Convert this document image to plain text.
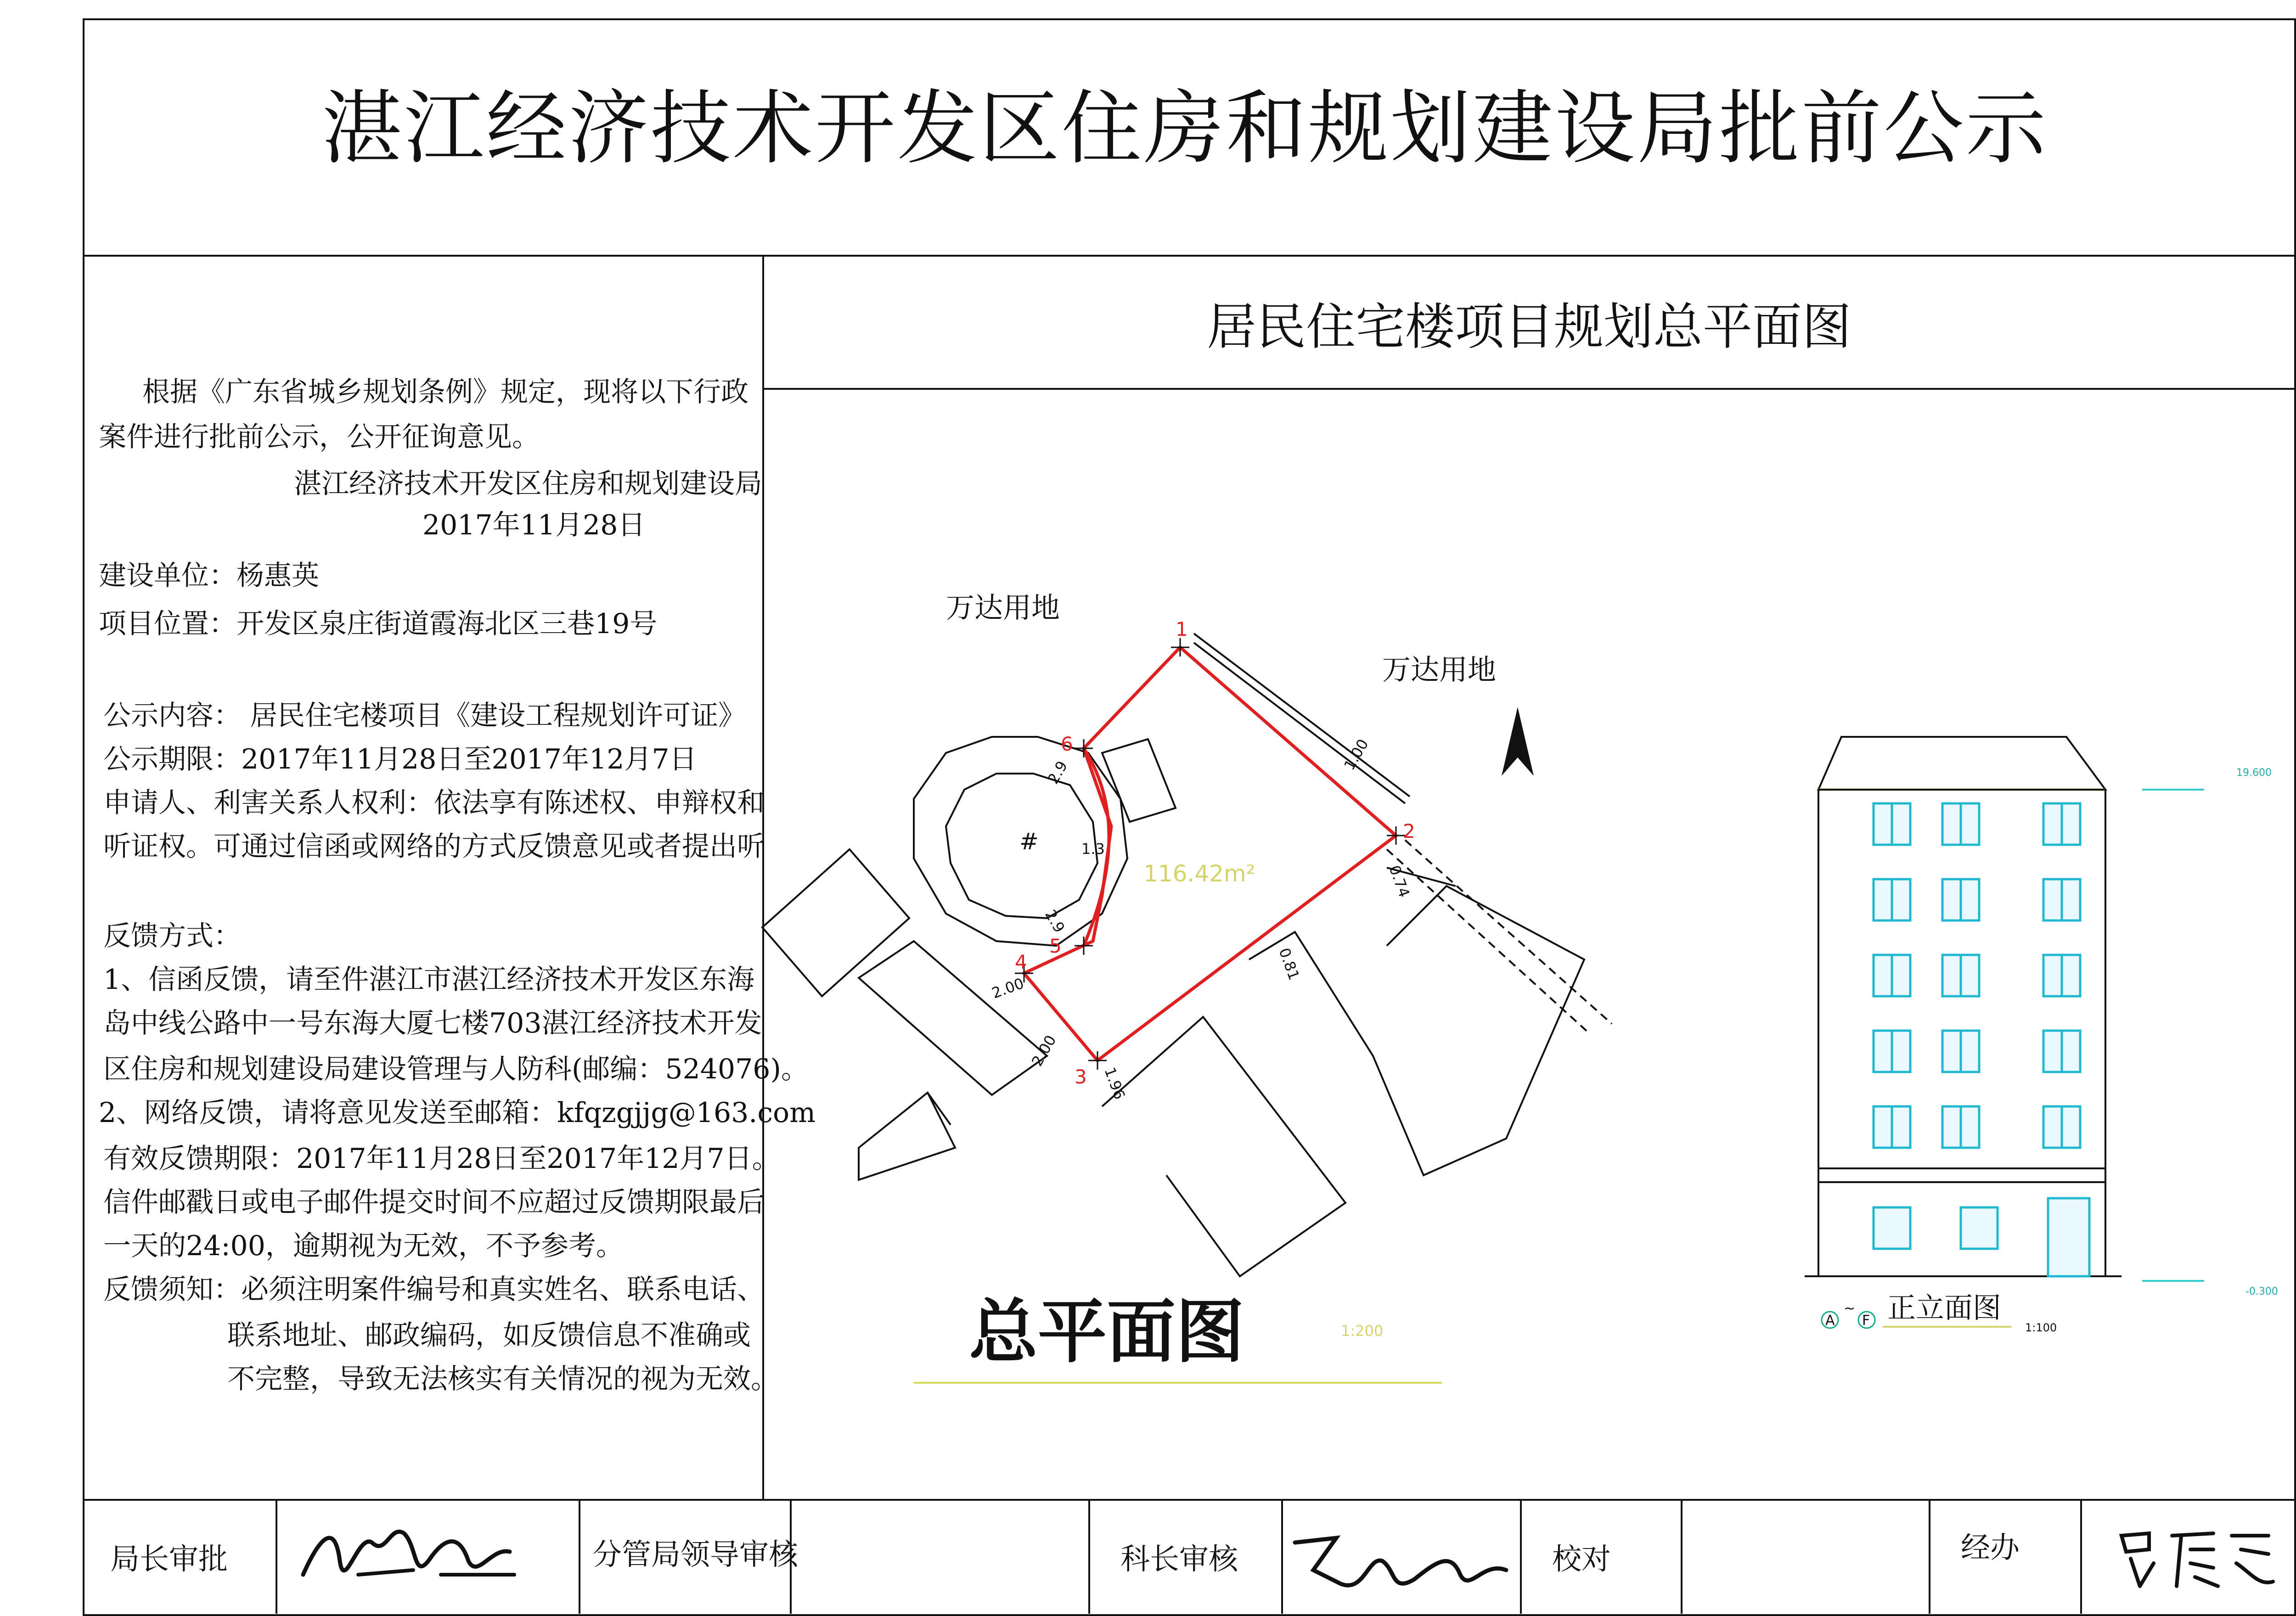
湛江经济技术开发区住房和规划建设局批前公示
居民住宅楼项目规划总平面图
根据《广东省城乡规划条例》规定，现将以下行政
案件进行批前公示，公开征询意见。
湛江经济技术开发区住房和规划建设局
2017年11月28日
建设单位：杨惠英
项目位置：开发区泉庄街道霞海北区三巷19号
公示内容： 居民住宅楼项目《建设工程规划许可证》
公示期限：2017年11月28日至2017年12月7日
申请人、利害关系人权利：依法享有陈述权、申辩权和
听证权。可通过信函或网络的方式反馈意见或者提出听
反馈方式：
1、信函反馈，请至件湛江市湛江经济技术开发区东海
岛中线公路中一号东海大厦七楼703湛江经济技术开发
区住房和规划建设局建设管理与人防科(邮编：524076)。
2、网络反馈，请将意见发送至邮箱：kfqzgjjg@163.com
有效反馈期限：2017年11月28日至2017年12月7日。
信件邮戳日或电子邮件提交时间不应超过反馈期限最后
一天的24:00，逾期视为无效，不予参考。
反馈须知：必须注明案件编号和真实姓名、联系电话、
联系地址、邮政编码，如反馈信息不准确或
不完整，导致无法核实有关情况的视为无效。
1
2
3
4
5
6	1.00
0.74
0.81
1.96
2.00
2.00
2.9
1.3
2.9
116.42m²
#
万达用地
万达用地
1:200
19.600
-0.300
A
~
F 正立面图
1:100
总平面图
局长审批	分管局领导审核	科长审核	校对	经办
